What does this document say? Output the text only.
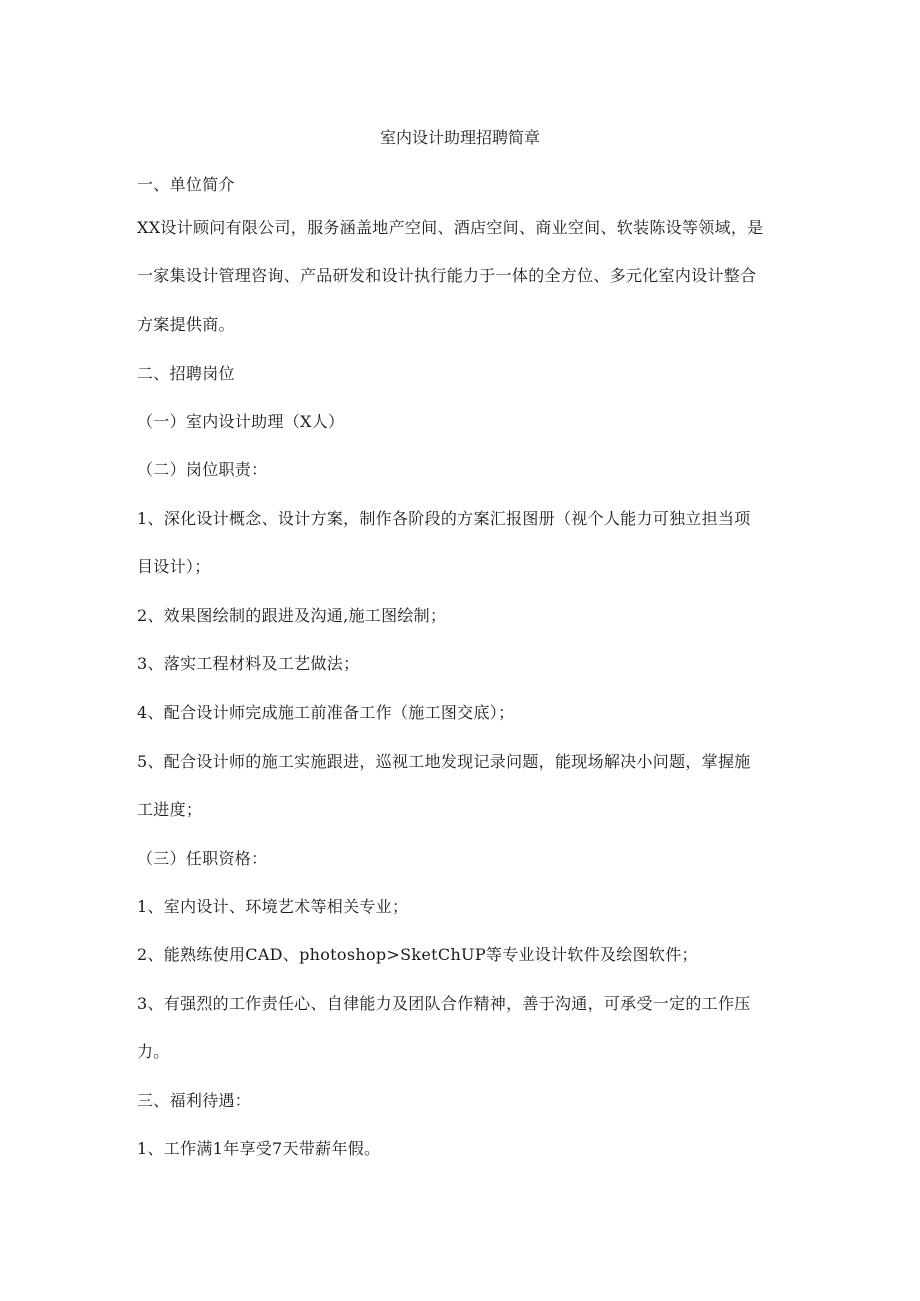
室内设计助理招聘简章
一、单位简介
XX设计顾问有限公司，服务涵盖地产空间、酒店空间、商业空间、软装陈设等领域，是
一家集设计管理咨询、产品研发和设计执行能力于一体的全方位、多元化室内设计整合
方案提供商。
二、招聘岗位
（一）室内设计助理（X人）
（二）岗位职责：
1、深化设计概念、设计方案，制作各阶段的方案汇报图册（视个人能力可独立担当项
目设计）；
2、效果图绘制的跟进及沟通,施工图绘制；
3、落实工程材料及工艺做法；
4、配合设计师完成施工前准备工作（施工图交底）；
5、配合设计师的施工实施跟进，巡视工地发现记录问题，能现场解决小问题，掌握施
工进度；
（三）任职资格：
1、室内设计、环境艺术等相关专业；
2、能熟练使用CAD、photoshop>SketChUP等专业设计软件及绘图软件；
3、有强烈的工作责任心、自律能力及团队合作精神，善于沟通，可承受一定的工作压
力。
三、福利待遇：
1、工作满1年享受7天带薪年假。
